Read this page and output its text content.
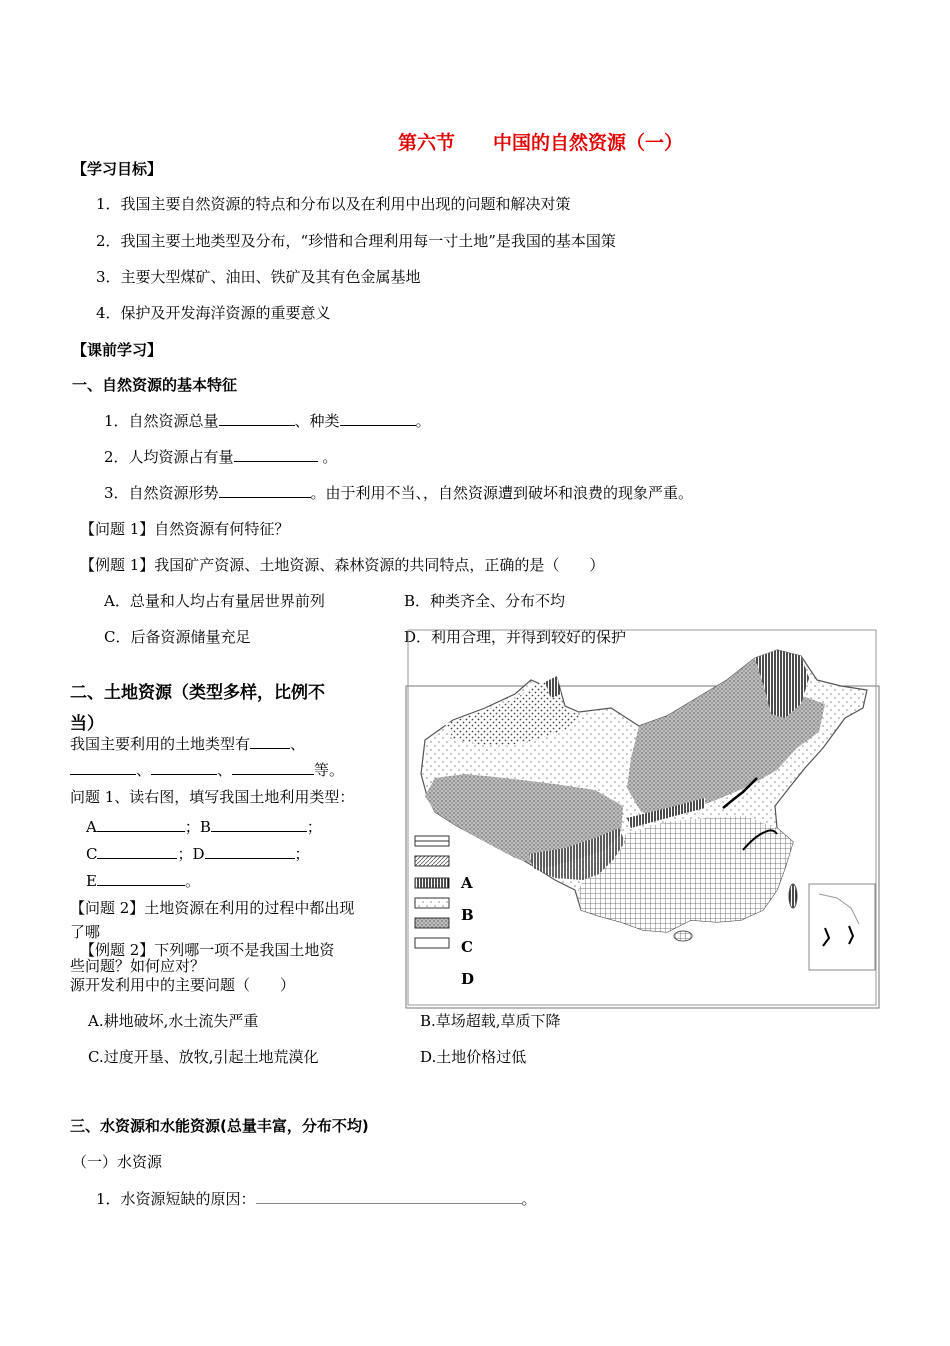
第六节　　中国的自然资源（一）
【学习目标】
1．我国主要自然资源的特点和分布以及在利用中出现的问题和解决对策
2．我国主要土地类型及分布，“珍惜和合理利用每一寸土地”是我国的基本国策
3．主要大型煤矿、油田、铁矿及其有色金属基地
4．保护及开发海洋资源的重要意义
【课前学习】
一、自然资源的基本特征
1．自然资源总量	、种类	。
2．人均资源占有量	。
3．自然资源形势	。由于利用不当、，自然资源遭到破坏和浪费的现象严重。
【问题 1】自然资源有何特征？
【例题 1】我国矿产资源、土地资源、森林资源的共同特点，正确的是（　　）
A．总量和人均占有量居世界前列	B．种类齐全、分布不均
C．后备资源储量充足	D．利用合理，并得到较好的保护
二、土地资源（类型多样，比例不
当）
我国主要利用的土地类型有	、
、	、	等。
问题 1、读右图，填写我国土地利用类型：
A	；B	；
C	；D	；
E	。
【问题 2】土地资源在利用的过程中都出现
了哪
【例题 2】下列哪一项不是我国土地资
些问题？如何应对？
源开发利用中的主要问题（　　）
A.耕地破坏,水土流失严重	B.草场超载,草质下降
C.过度开垦、放牧,引起土地荒漠化	D.土地价格过低
三、水资源和水能资源(总量丰富，分布不均)
（一）水资源
1．水资源短缺的原因：	。
A
B
C
D
